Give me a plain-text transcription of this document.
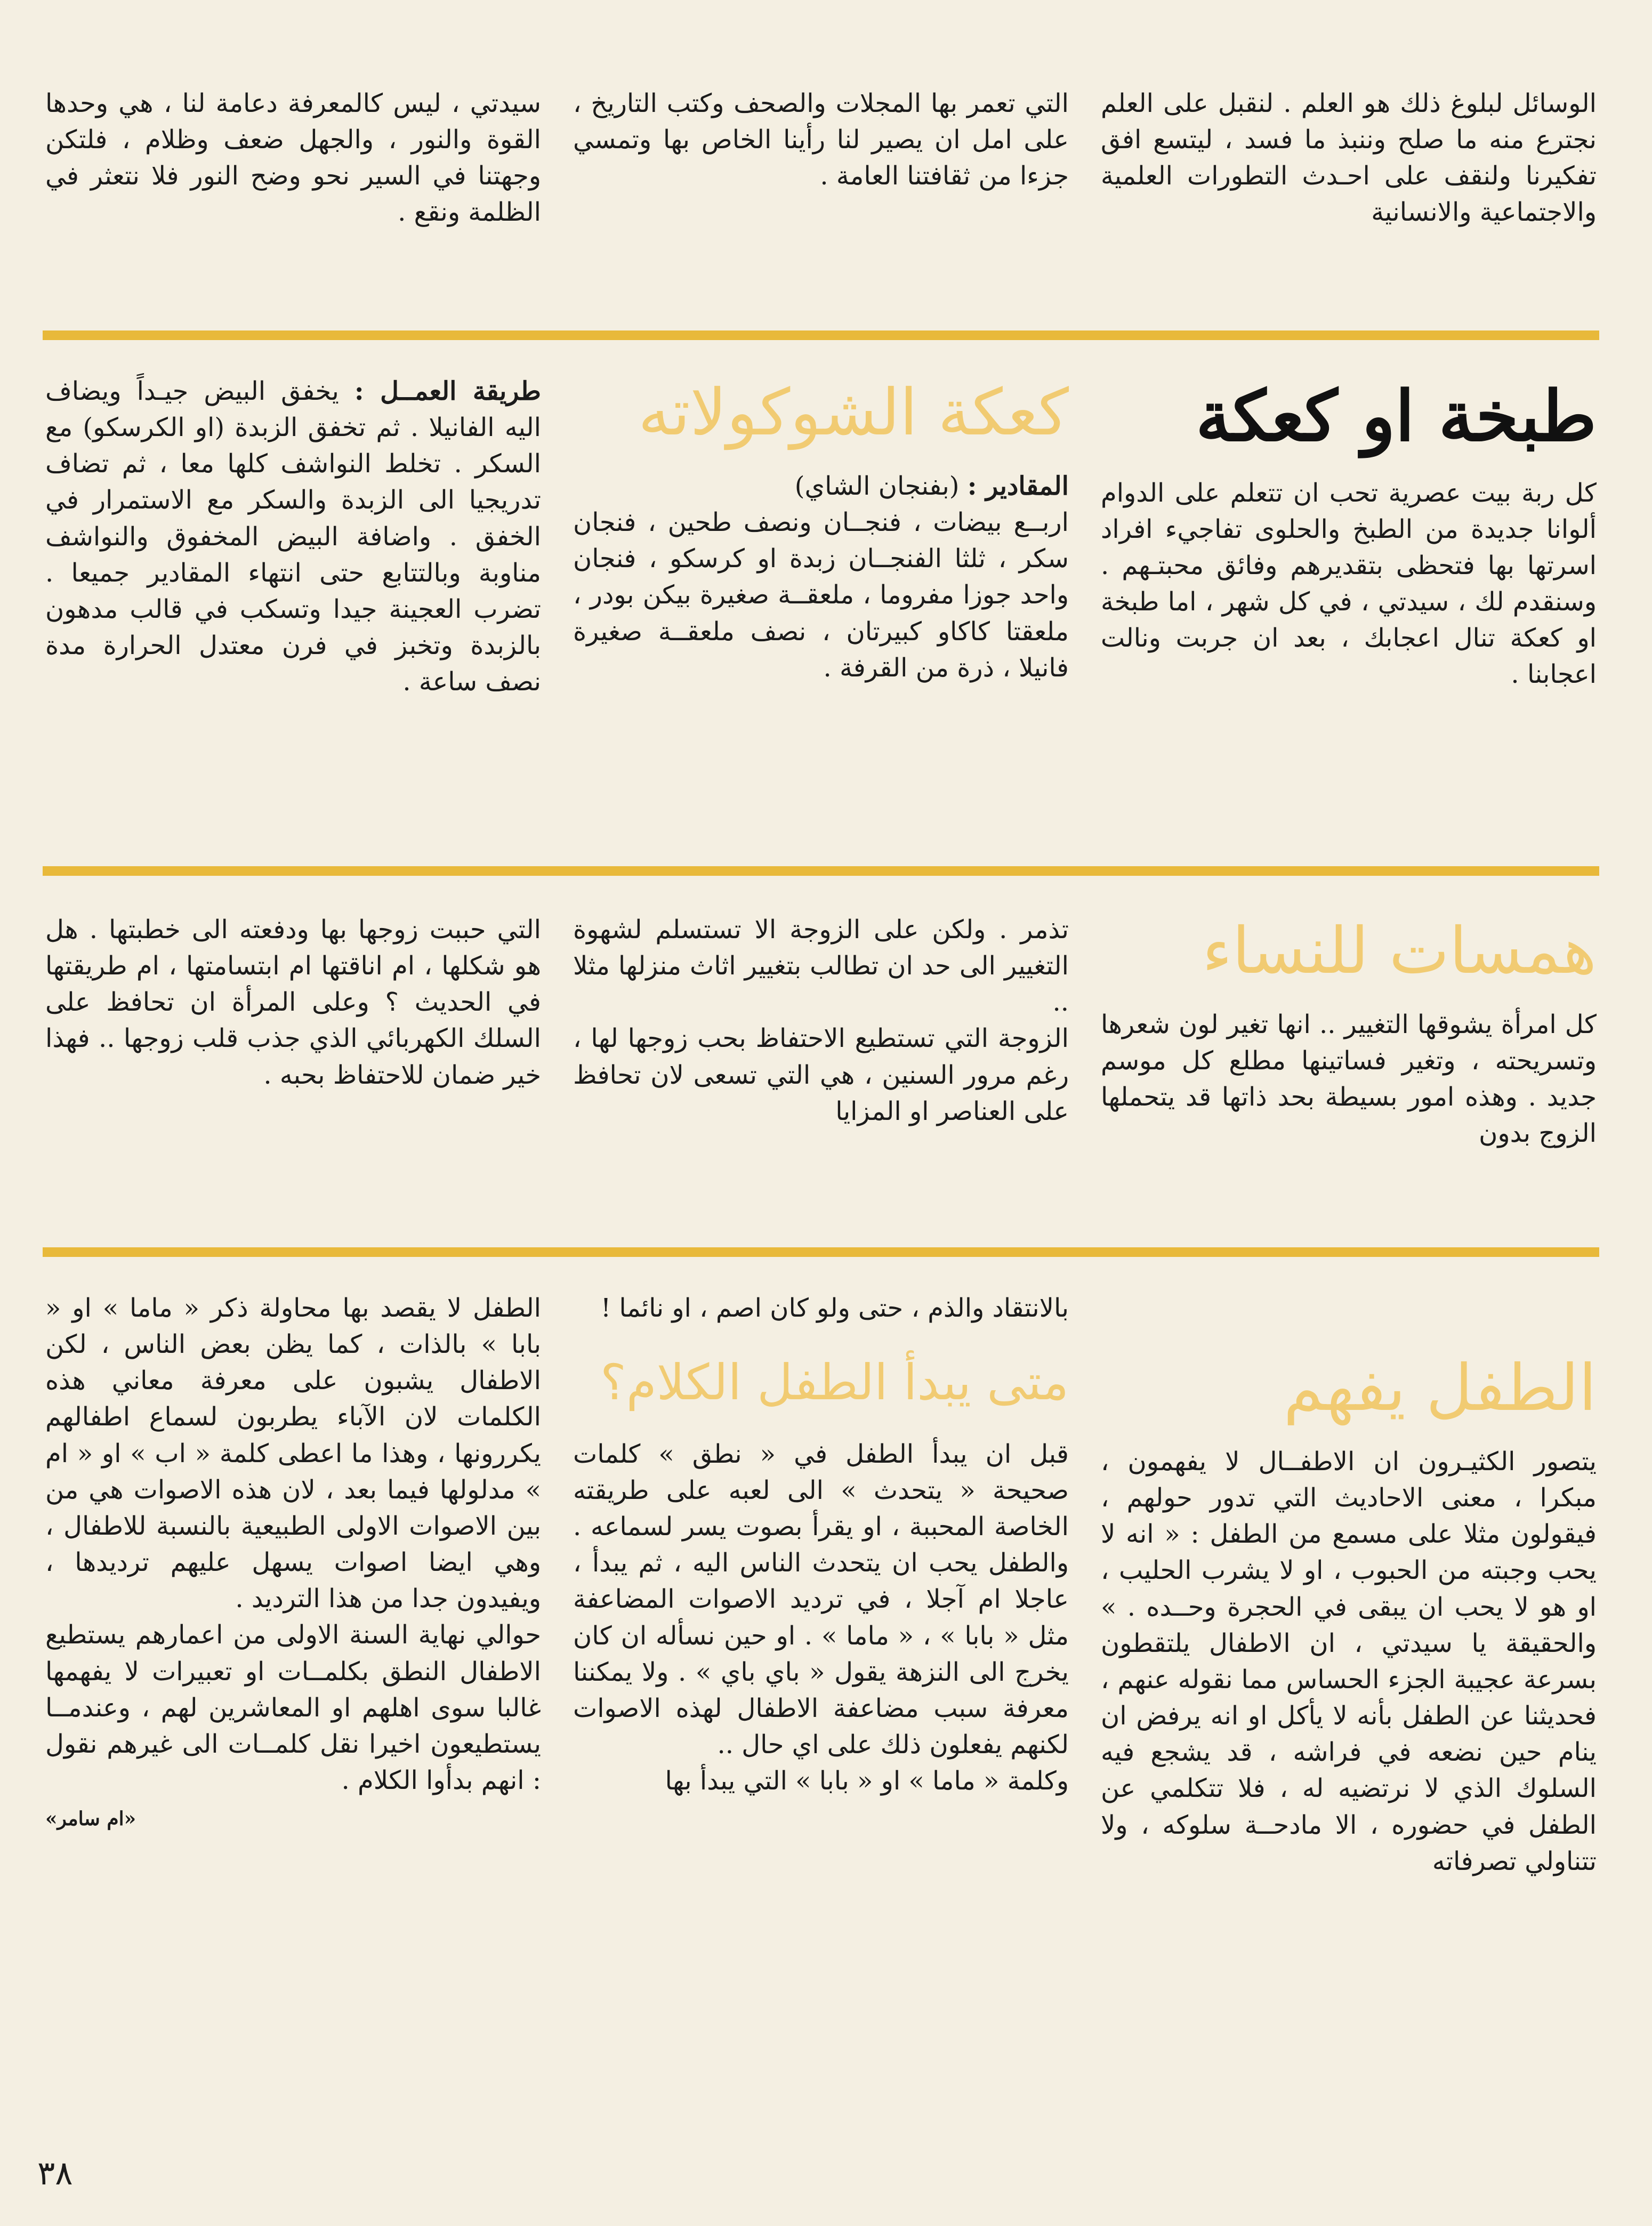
الوسائل لبلوغ ذلك هو العلم . لنقبل على العلم نجترع منه ما صلح وننبذ ما فسد ، ليتسع افق تفكيرنا ولنقف على احـدث التطورات العلمية والاجتماعية والانسانية

التي تعمر بها المجلات والصحف وكتب التاريخ ، على امل ان يصير لنا رأينا الخاص بها وتمسي جزءا من ثقافتنا العامة .

سيدتي ، ليس كالمعرفة دعامة لنا ، هي وحدها القوة والنور ، والجهل ضعف وظلام ، فلتكن وجهتنا في السير نحو وضح النور فلا نتعثر في الظلمة ونقع .

طبخة او كعكة

كل ربة بيت عصرية تحب ان تتعلم على الدوام ألوانا جديدة من الطبخ والحلوى تفاجيء افراد اسرتها بها فتحظى بتقديرهم وفائق محبتـهم . وسنقدم لك ، سيدتي ، في كل شهر ، اما طبخة او كعكة تنال اعجابك ، بعد ان جربت ونالت اعجابنا .

كعكة الشوكولاته

المقادير : (بفنجان الشاي)

اربــع بيضات ، فنجــان ونصف طحين ، فنجان سكر ، ثلثا الفنجــان زبدة او كرسكو ، فنجان واحد جوزا مفروما ، ملعقــة صغيرة بيكن بودر ، ملعقتا كاكاو كبيرتان ، نصف ملعقــة صغيرة فانيلا ، ذرة من القرفة .

طريقة العمــل : يخفق البيض جيـداً ويضاف اليه الفانيلا . ثم تخفق الزبدة (او الكرسكو) مع السكر . تخلط النواشف كلها معا ، ثم تضاف تدريجيا الى الزبدة والسكر مع الاستمرار في الخفق . واضافة البيض المخفوق والنواشف مناوبة وبالتتابع حتى انتهاء المقادير جميعا . تضرب العجينة جيدا وتسكب في قالب مدهون بالزبدة وتخبز في فرن معتدل الحرارة مدة نصف ساعة .

همسات للنساء

كل امرأة يشوقها التغيير .. انها تغير لون شعرها وتسريحته ، وتغير فساتينها مطلع كل موسم جديد . وهذه امور بسيطة بحد ذاتها قد يتحملها الزوج بدون

تذمر . ولكن على الزوجة الا تستسلم لشهوة التغيير الى حد ان تطالب بتغيير اثاث منزلها مثلا ..

الزوجة التي تستطيع الاحتفاظ بحب زوجها لها ، رغم مرور السنين ، هي التي تسعى لان تحافظ على العناصر او المزايا

التي حببت زوجها بها ودفعته الى خطبتها . هل هو شكلها ، ام اناقتها ام ابتسامتها ، ام طريقتها في الحديث ؟ وعلى المرأة ان تحافظ على السلك الكهربائي الذي جذب قلب زوجها .. فهذا خير ضمان للاحتفاظ بحبه .

الطفل يفهم

يتصور الكثيـرون ان الاطفــال لا يفهمون ، مبكرا ، معنى الاحاديث التي تدور حولهم ، فيقولون مثلا على مسمع من الطفل : « انه لا يحب وجبته من الحبوب ، او لا يشرب الحليب ، او هو لا يحب ان يبقى في الحجرة وحــده . » والحقيقة يا سيدتي ، ان الاطفال يلتقطون بسرعة عجيبة الجزء الحساس مما نقوله عنهم ، فحديثنا عن الطفل بأنه لا يأكل او انه يرفض ان ينام حين نضعه في فراشه ، قد يشجع فيه السلوك الذي لا نرتضيه له ، فلا تتكلمي عن الطفل في حضوره ، الا مادحــة سلوكه ، ولا تتناولي تصرفاته

بالانتقاد والذم ، حتى ولو كان اصم ، او نائما !

متى يبدأ الطفل الكلام؟

قبل ان يبدأ الطفل في « نطق » كلمات صحيحة « يتحدث » الى لعبه على طريقته الخاصة المحببة ، او يقرأ بصوت يسر لسماعه . والطفل يحب ان يتحدث الناس اليه ، ثم يبدأ ، عاجلا ام آجلا ، في ترديد الاصوات المضاعفة مثل « بابا » ، « ماما » . او حين نسأله ان كان يخرج الى النزهة يقول « باي باي » . ولا يمكننا معرفة سبب مضاعفة الاطفال لهذه الاصوات لكنهم يفعلون ذلك على اي حال ..

وكلمة « ماما » او « بابا » التي يبدأ بها

الطفل لا يقصد بها محاولة ذكر « ماما » او « بابا » بالذات ، كما يظن بعض الناس ، لكن الاطفال يشبون على معرفة معاني هذه الكلمات لان الآباء يطربون لسماع اطفالهم يكررونها ، وهذا ما اعطى كلمة « اب » او « ام » مدلولها فيما بعد ، لان هذه الاصوات هي من بين الاصوات الاولى الطبيعية بالنسبة للاطفال ، وهي ايضا اصوات يسهل عليهم ترديدها ، ويفيدون جدا من هذا الترديد .

حوالي نهاية السنة الاولى من اعمارهم يستطيع الاطفال النطق بكلمــات او تعبيرات لا يفهمها غالبا سوى اهلهم او المعاشرين لهم ، وعندمــا يستطيعون اخيرا نقل كلمــات الى غيرهم نقول : انهم بدأوا الكلام .

«ام سامر»

٣٨
